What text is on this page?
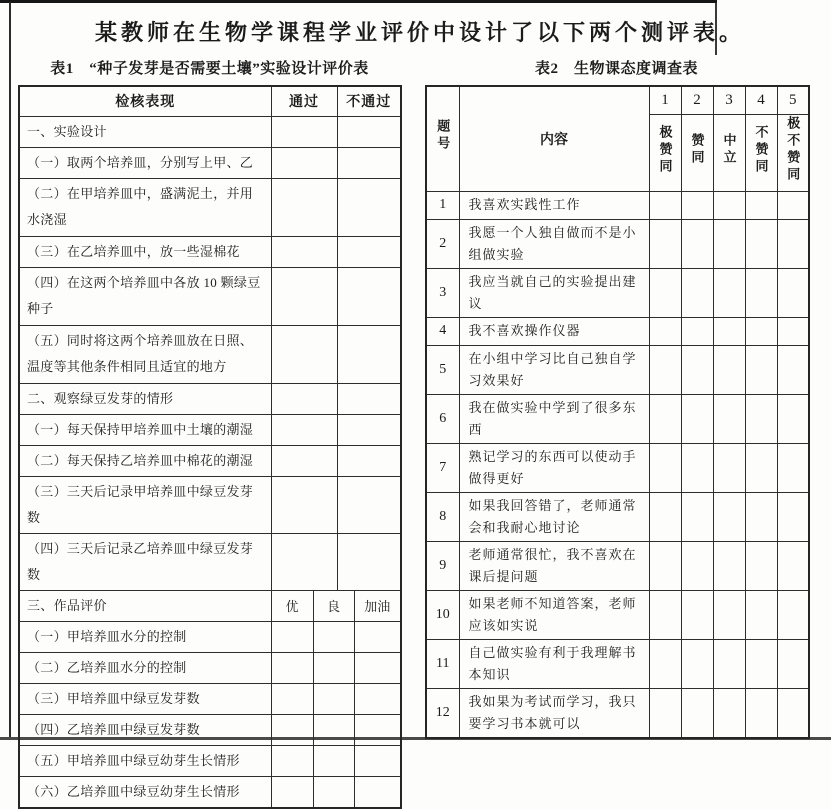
某教师在生物学课程学业评价中设计了以下两个测评表。
表1　“种子发芽是否需要土壤”实验设计评价表	表2　生物课态度调查表
检核表现	通过		不通过	
一、实验设计				
（一）取两个培养皿，分别写上甲、乙				
（二）在甲培养皿中，盛满泥土，并用水浇湿				
（三）在乙培养皿中，放一些湿棉花				
（四）在这两个培养皿中各放 10 颗绿豆种子				
（五）同时将这两个培养皿放在日照、温度等其他条件相同且适宜的地方				
二、观察绿豆发芽的情形				
（一）每天保持甲培养皿中土壤的潮湿				
（二）每天保持乙培养皿中棉花的潮湿				
（三）三天后记录甲培养皿中绿豆发芽数				
（四）三天后记录乙培养皿中绿豆发芽数				
三、作品评价	优	良		加油
（一）甲培养皿水分的控制				
（二）乙培养皿水分的控制				
（三）甲培养皿中绿豆发芽数				
（四）乙培养皿中绿豆发芽数				
（五）甲培养皿中绿豆幼芽生长情形				
（六）乙培养皿中绿豆幼芽生长情形				
题号	内容	1	2	3	4	5
		极赞同	赞同	中立	不赞同	极不赞同
1	我喜欢实践性工作					
2	我愿一个人独自做而不是小组做实验					
3	我应当就自己的实验提出建议					
4	我不喜欢操作仪器					
5	在小组中学习比自己独自学习效果好					
6	我在做实验中学到了很多东西					
7	熟记学习的东西可以使动手做得更好					
8	如果我回答错了，老师通常会和我耐心地讨论					
9	老师通常很忙，我不喜欢在课后提问题					
10	如果老师不知道答案，老师应该如实说					
11	自己做实验有利于我理解书本知识					
12	我如果为考试而学习，我只要学习书本就可以					
